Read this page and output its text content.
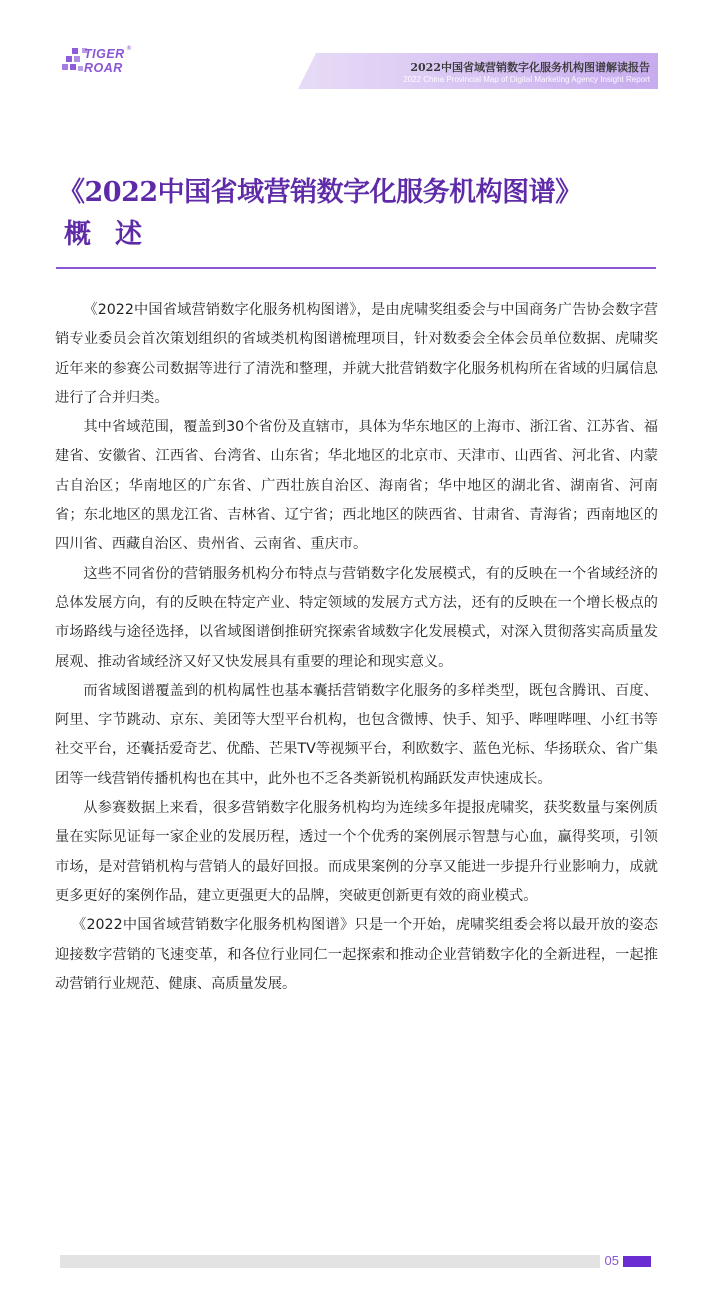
TIGER
ROAR
®
2022中国省域营销数字化服务机构图谱解读报告
2022 China Provincial Map of Digital Marketing Agency Insight Report
《2022中国省域营销数字化服务机构图谱》
概述

《2022中国省域营销数字化服务机构图谱》，是由虎啸奖组委会与中国商务广告协会数字营销专业委员会首次策划组织的省域类机构图谱梳理项目，针对数委会全体会员单位数据、虎啸奖近年来的参赛公司数据等进行了清洗和整理，并就大批营销数字化服务机构所在省域的归属信息进行了合并归类。

其中省域范围，覆盖到30个省份及直辖市，具体为华东地区的上海市、浙江省、江苏省、福建省、安徽省、江西省、台湾省、山东省；华北地区的北京市、天津市、山西省、河北省、内蒙古自治区；华南地区的广东省、广西壮族自治区、海南省；华中地区的湖北省、湖南省、河南省；东北地区的黑龙江省、吉林省、辽宁省；西北地区的陕西省、甘肃省、青海省；西南地区的四川省、西藏自治区、贵州省、云南省、重庆市。

这些不同省份的营销服务机构分布特点与营销数字化发展模式，有的反映在一个省域经济的总体发展方向，有的反映在特定产业、特定领域的发展方式方法，还有的反映在一个增长极点的市场路线与途径选择，以省域图谱倒推研究探索省域数字化发展模式，对深入贯彻落实高质量发展观、推动省域经济又好又快发展具有重要的理论和现实意义。

而省域图谱覆盖到的机构属性也基本囊括营销数字化服务的多样类型，既包含腾讯、百度、阿里、字节跳动、京东、美团等大型平台机构，也包含微博、快手、知乎、哔哩哔哩、小红书等社交平台，还囊括爱奇艺、优酷、芒果TV等视频平台，利欧数字、蓝色光标、华扬联众、省广集团等一线营销传播机构也在其中，此外也不乏各类新锐机构踊跃发声快速成长。

从参赛数据上来看，很多营销数字化服务机构均为连续多年提报虎啸奖，获奖数量与案例质量在实际见证每一家企业的发展历程，透过一个个优秀的案例展示智慧与心血，赢得奖项，引领市场，是对营销机构与营销人的最好回报。而成果案例的分享又能进一步提升行业影响力，成就更多更好的案例作品，建立更强更大的品牌，突破更创新更有效的商业模式。

《2022中国省域营销数字化服务机构图谱》只是一个开始，虎啸奖组委会将以最开放的姿态迎接数字营销的飞速变革，和各位行业同仁一起探索和推动企业营销数字化的全新进程，一起推动营销行业规范、健康、高质量发展。

05
